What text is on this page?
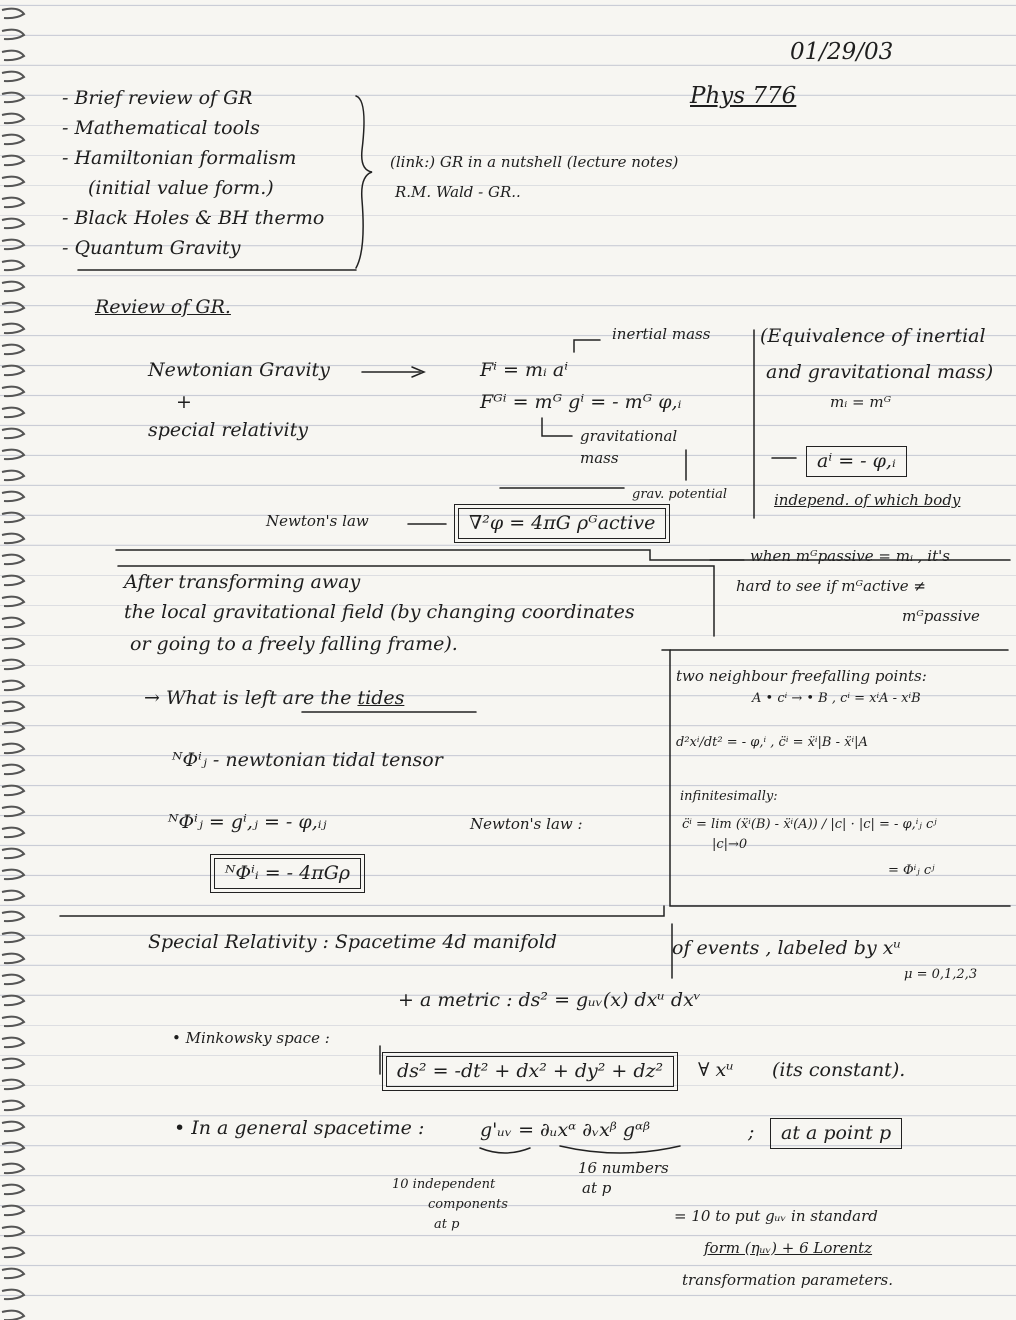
01/29/03
Phys 776
- Brief review of GR
- Mathematical tools
- Hamiltonian formalism
(initial value form.)
- Black Holes & BH thermo
- Quantum Gravity
(link:) GR in a nutshell (lecture notes)
R.M. Wald - GR..
Review of GR.
Newtonian Gravity
+
special relativity
inertial mass
Fⁱ = mᵢ aⁱ
Fᴳⁱ = mᴳ gⁱ = - mᴳ φ,ᵢ
gravitational
mass
grav. potential
Newton's law	∇²φ = 4πG ρᴳactive
(Equivalence of inertial
and gravitational mass)
mᵢ = mᴳ
aⁱ = - φ,ᵢ
independ. of which body
when mᴳpassive = mᵢ , it's
hard to see if mᴳactive ≠
mᴳpassive
After transforming away
the local gravitational field (by changing coordinates
or going to a freely falling frame).
→ What is left are the tides
ᴺΦⁱⱼ - newtonian tidal tensor
ᴺΦⁱⱼ = gⁱ,ⱼ = - φ,ᵢⱼ	Newton's law :
ᴺΦⁱᵢ = - 4πGρ
two neighbour freefalling points:
A • cⁱ → • B , cⁱ = xⁱA - xⁱB
d²xⁱ/dt² = - φ,ⁱ , c̈ⁱ = ẍⁱ|B - ẍⁱ|A
infinitesimally:
c̈ⁱ = lim (ẍⁱ(B) - ẍⁱ(A)) / |c| · |c| = - φ,ⁱⱼ cʲ
|c|→0
= Φⁱⱼ cʲ
Special Relativity : Spacetime 4d manifold	of events , labeled by xᵘ
μ = 0,1,2,3
+ a metric : ds² = gᵤᵥ(x) dxᵘ dxᵛ
• Minkowsky space :
ds² = -dt² + dx² + dy² + dz²	∀ xᵘ (its constant).
• In a general spacetime :	g'ᵤᵥ = ∂ᵤxᵅ ∂ᵥxᵝ gᵅᵝ	;	at a point p
10 independent
components
at p
16 numbers
at p
= 10 to put gᵤᵥ in standard
form (ηᵤᵥ) + 6 Lorentz
transformation parameters.
